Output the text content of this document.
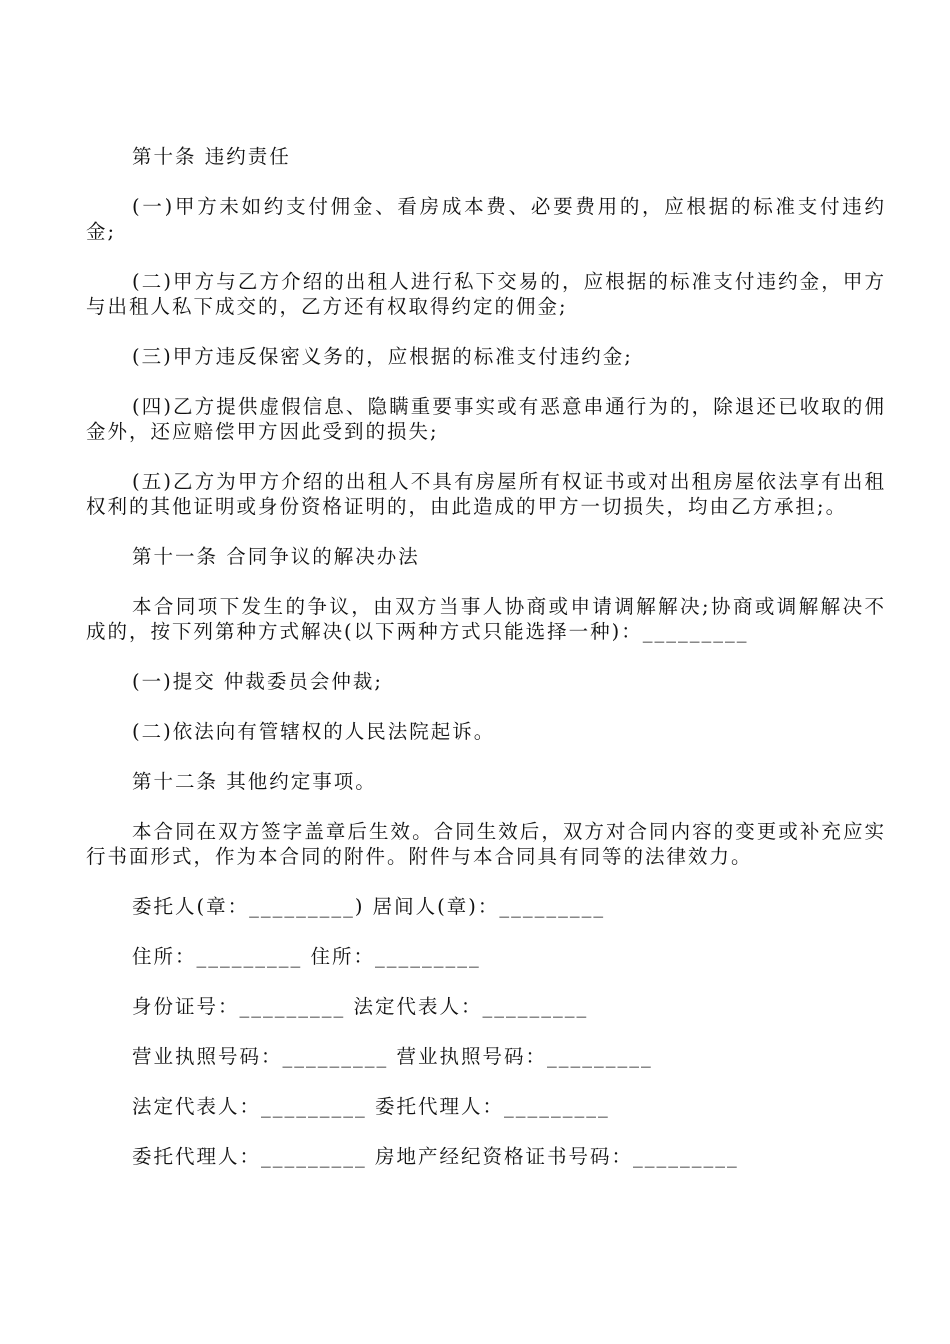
第十条 违约责任

(一)甲方未如约支付佣金、看房成本费、必要费用的，应根据的标准支付违约金;

(二)甲方与乙方介绍的出租人进行私下交易的，应根据的标准支付违约金，甲方与出租人私下成交的，乙方还有权取得约定的佣金;

(三)甲方违反保密义务的，应根据的标准支付违约金;

(四)乙方提供虚假信息、隐瞒重要事实或有恶意串通行为的，除退还已收取的佣金外，还应赔偿甲方因此受到的损失;

(五)乙方为甲方介绍的出租人不具有房屋所有权证书或对出租房屋依法享有出租权利的其他证明或身份资格证明的，由此造成的甲方一切损失，均由乙方承担;。

第十一条 合同争议的解决办法

本合同项下发生的争议，由双方当事人协商或申请调解解决;协商或调解解决不成的，按下列第种方式解决(以下两种方式只能选择一种)：_________

(一)提交 仲裁委员会仲裁;

(二)依法向有管辖权的人民法院起诉。

第十二条 其他约定事项。

本合同在双方签字盖章后生效。合同生效后，双方对合同内容的变更或补充应实行书面形式，作为本合同的附件。附件与本合同具有同等的法律效力。

委托人(章：_________) 居间人(章)：_________

住所：_________ 住所：_________

身份证号：_________ 法定代表人：_________

营业执照号码：_________ 营业执照号码：_________

法定代表人：_________ 委托代理人：_________

委托代理人：_________ 房地产经纪资格证书号码：_________
